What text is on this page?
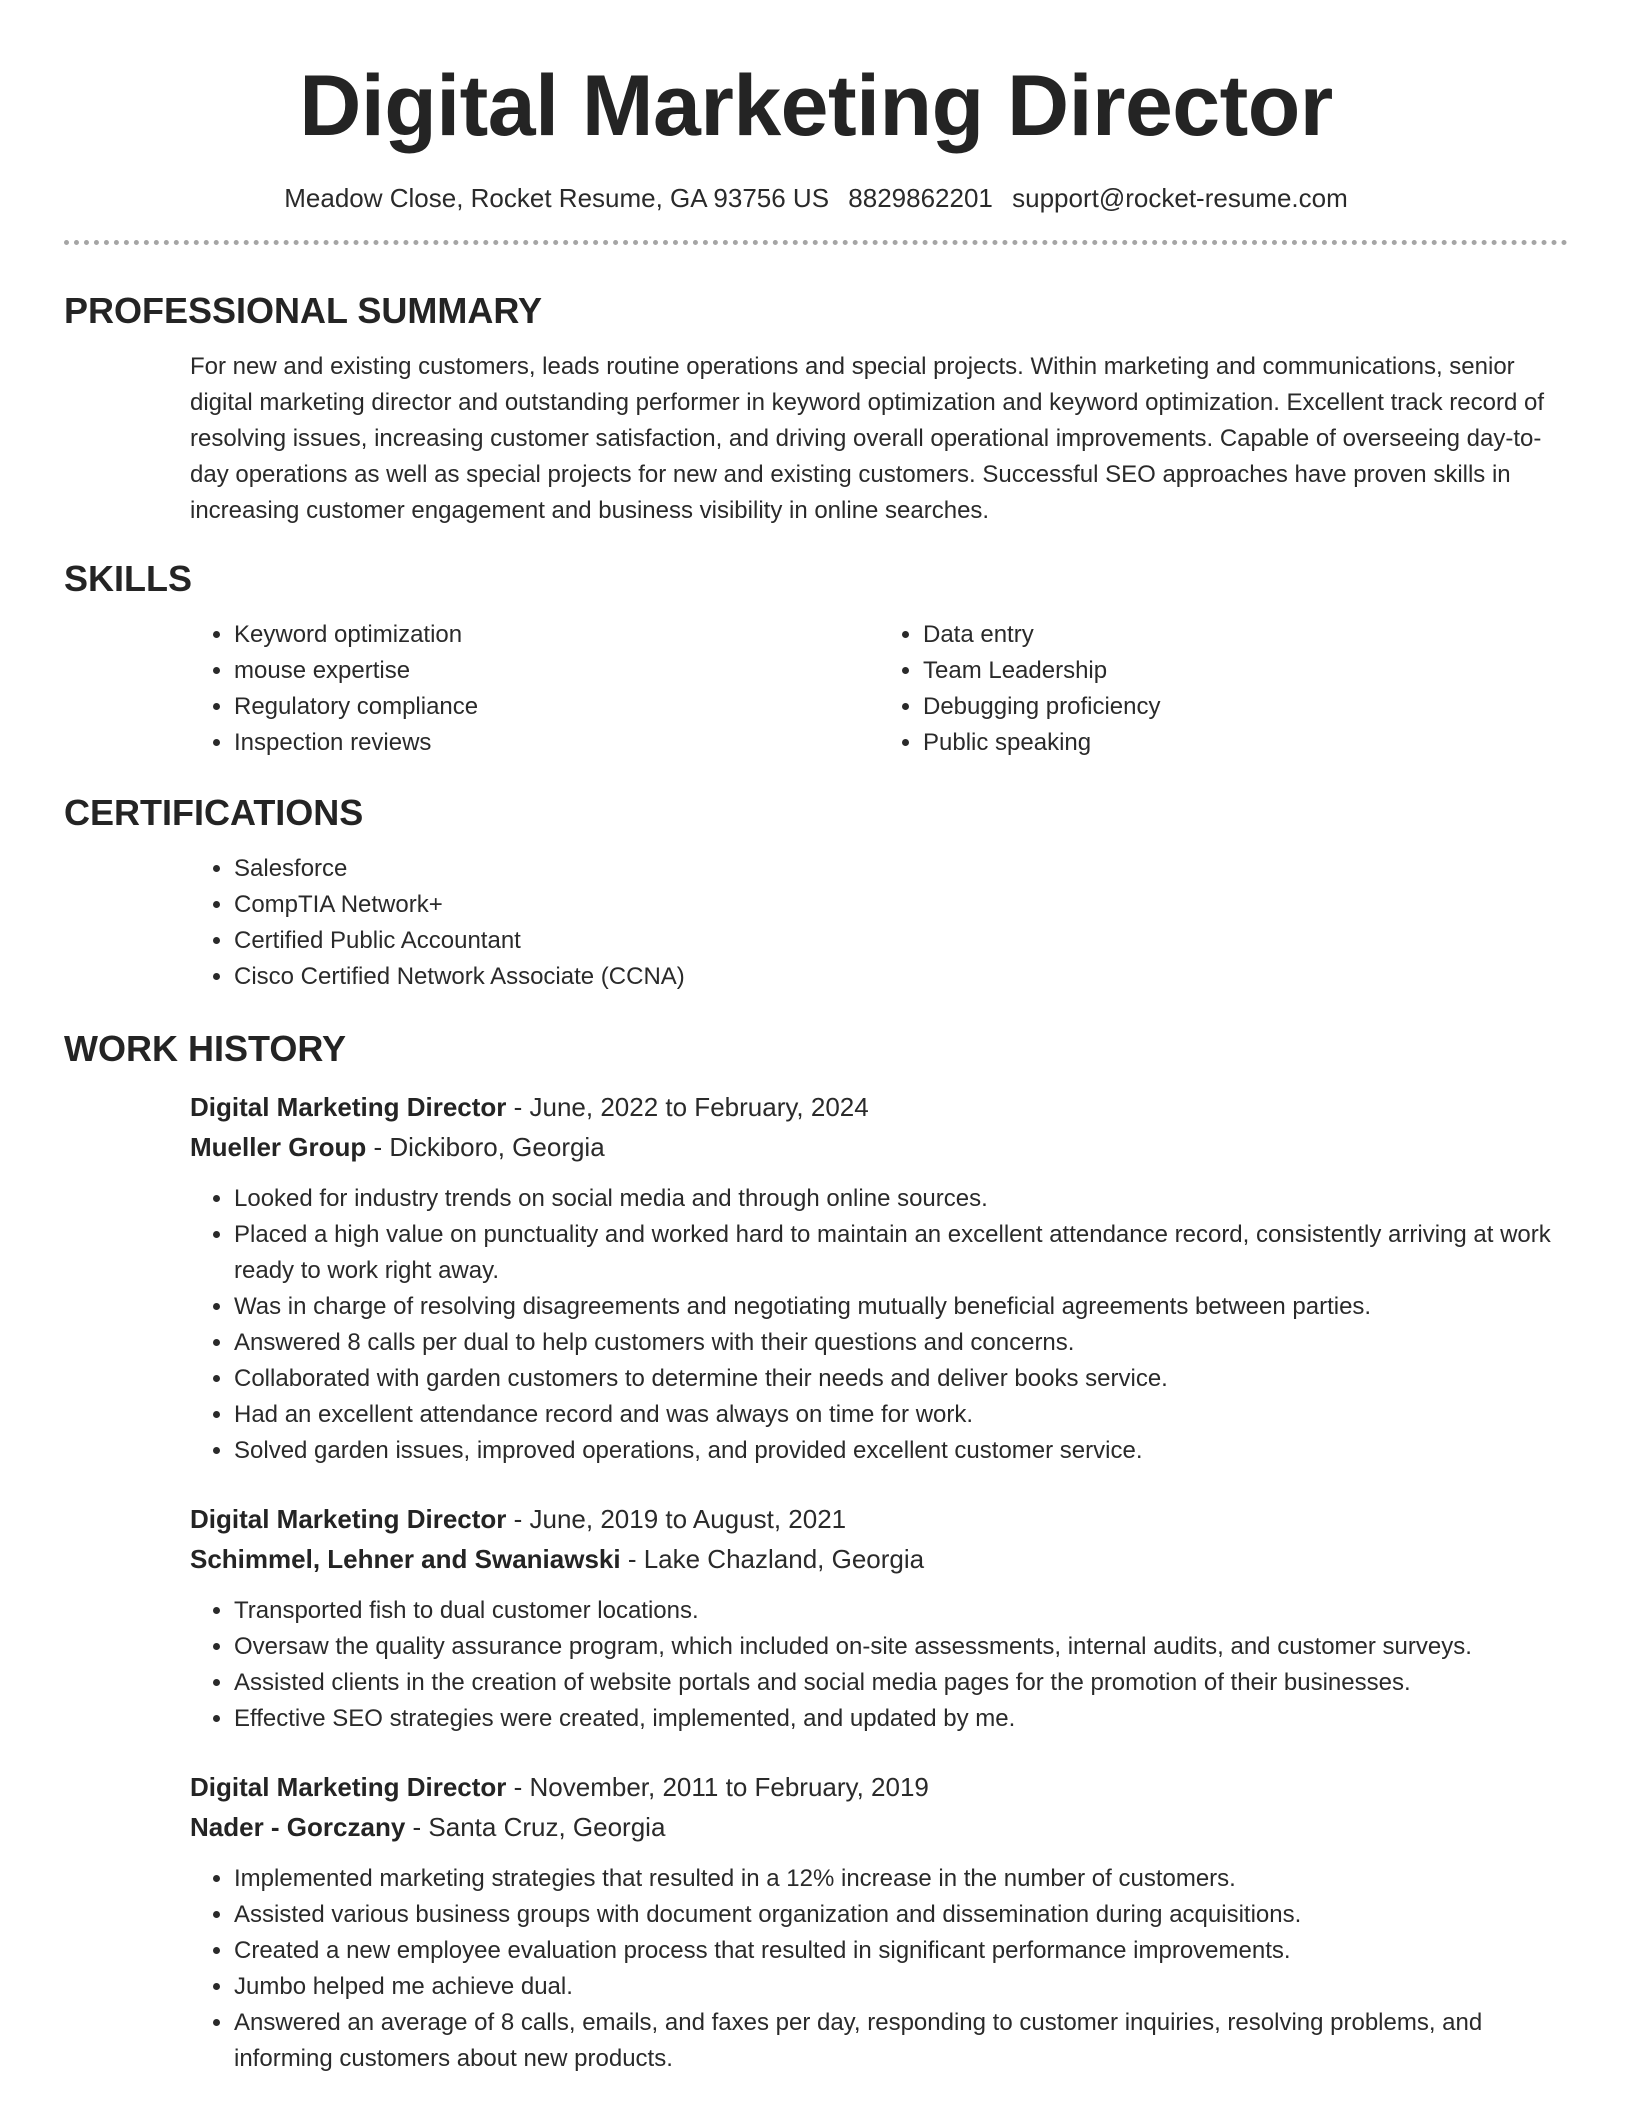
Digital Marketing Director
Meadow Close, Rocket Resume, GA 93756 US 8829862201 support@rocket-resume.com
PROFESSIONAL SUMMARY

For new and existing customers, leads routine operations and special projects. Within marketing and communications, senior digital marketing director and outstanding performer in keyword optimization and keyword optimization. Excellent track record of resolving issues, increasing customer satisfaction, and driving overall operational improvements. Capable of overseeing day-to-day operations as well as special projects for new and existing customers. Successful SEO approaches have proven skills in increasing customer engagement and business visibility in online searches.

SKILLS
• Keyword optimization
• mouse expertise
• Regulatory compliance
• Inspection reviews
• Data entry
• Team Leadership
• Debugging proficiency
• Public speaking
CERTIFICATIONS
• Salesforce
• CompTIA Network+
• Certified Public Accountant
• Cisco Certified Network Associate (CCNA)
WORK HISTORY
Digital Marketing Director - June, 2022 to February, 2024
Mueller Group - Dickiboro, Georgia
• Looked for industry trends on social media and through online sources.
• Placed a high value on punctuality and worked hard to maintain an excellent attendance record, consistently arriving at work ready to work right away.
• Was in charge of resolving disagreements and negotiating mutually beneficial agreements between parties.
• Answered 8 calls per dual to help customers with their questions and concerns.
• Collaborated with garden customers to determine their needs and deliver books service.
• Had an excellent attendance record and was always on time for work.
• Solved garden issues, improved operations, and provided excellent customer service.
Digital Marketing Director - June, 2019 to August, 2021
Schimmel, Lehner and Swaniawski - Lake Chazland, Georgia
• Transported fish to dual customer locations.
• Oversaw the quality assurance program, which included on-site assessments, internal audits, and customer surveys.
• Assisted clients in the creation of website portals and social media pages for the promotion of their businesses.
• Effective SEO strategies were created, implemented, and updated by me.
Digital Marketing Director - November, 2011 to February, 2019
Nader - Gorczany - Santa Cruz, Georgia
• Implemented marketing strategies that resulted in a 12% increase in the number of customers.
• Assisted various business groups with document organization and dissemination during acquisitions.
• Created a new employee evaluation process that resulted in significant performance improvements.
• Jumbo helped me achieve dual.
• Answered an average of 8 calls, emails, and faxes per day, responding to customer inquiries, resolving problems, and informing customers about new products.
